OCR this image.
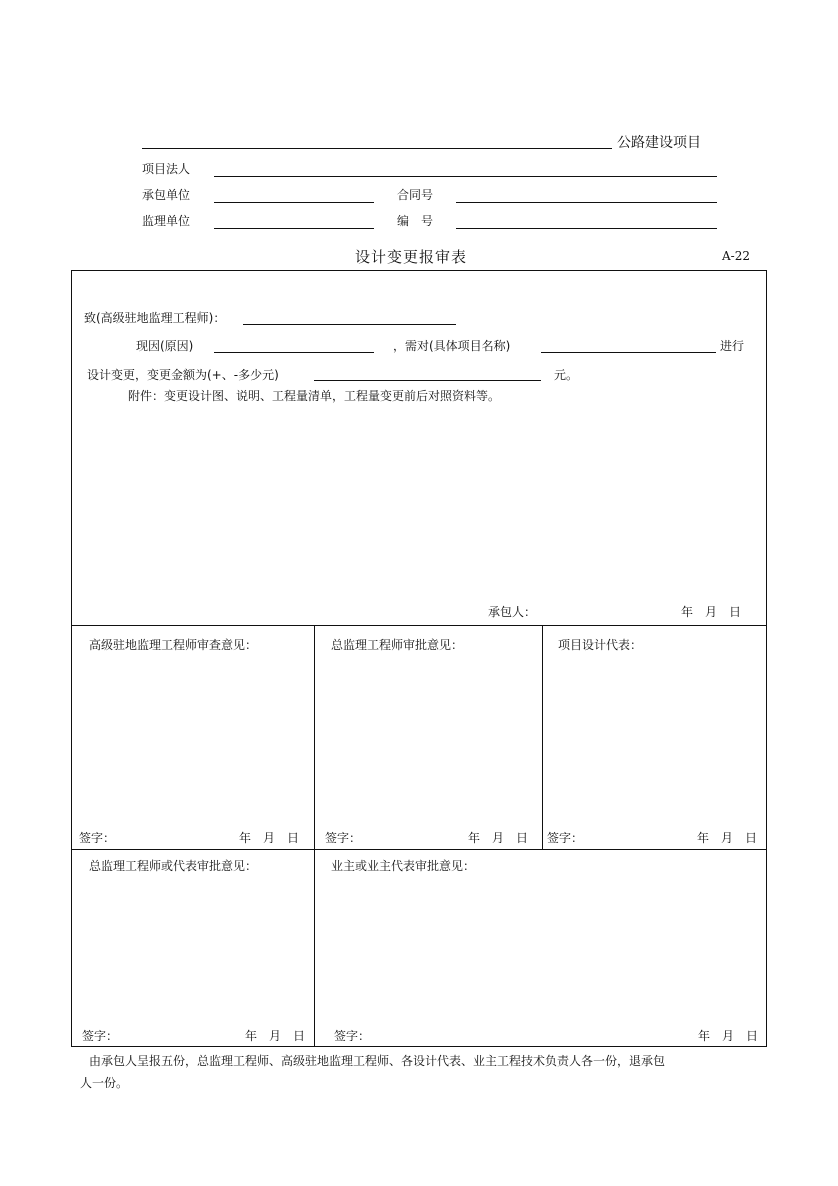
公路建设项目
项目法人
承包单位	合同号
监理单位	编　号
设计变更报审表	A-22
致(高级驻地监理工程师)：
现因(原因)	，需对(具体项目名称)	进行
设计变更，变更金额为(+、-多少元)	元。
附件：变更设计图、说明、工程量清单，工程量变更前后对照资料等。
承包人：	年　月　日
高级驻地监理工程师审查意见：	总监理工程师审批意见：	项目设计代表：
签字：	年　月　日 签字：	年　月　日 签字：	年　月　日
总监理工程师或代表审批意见：	业主或业主代表审批意见：
签字：	年　月　日 签字：	年　月　日
由承包人呈报五份，总监理工程师、高级驻地监理工程师、各设计代表、业主工程技术负责人各一份，退承包
人一份。
